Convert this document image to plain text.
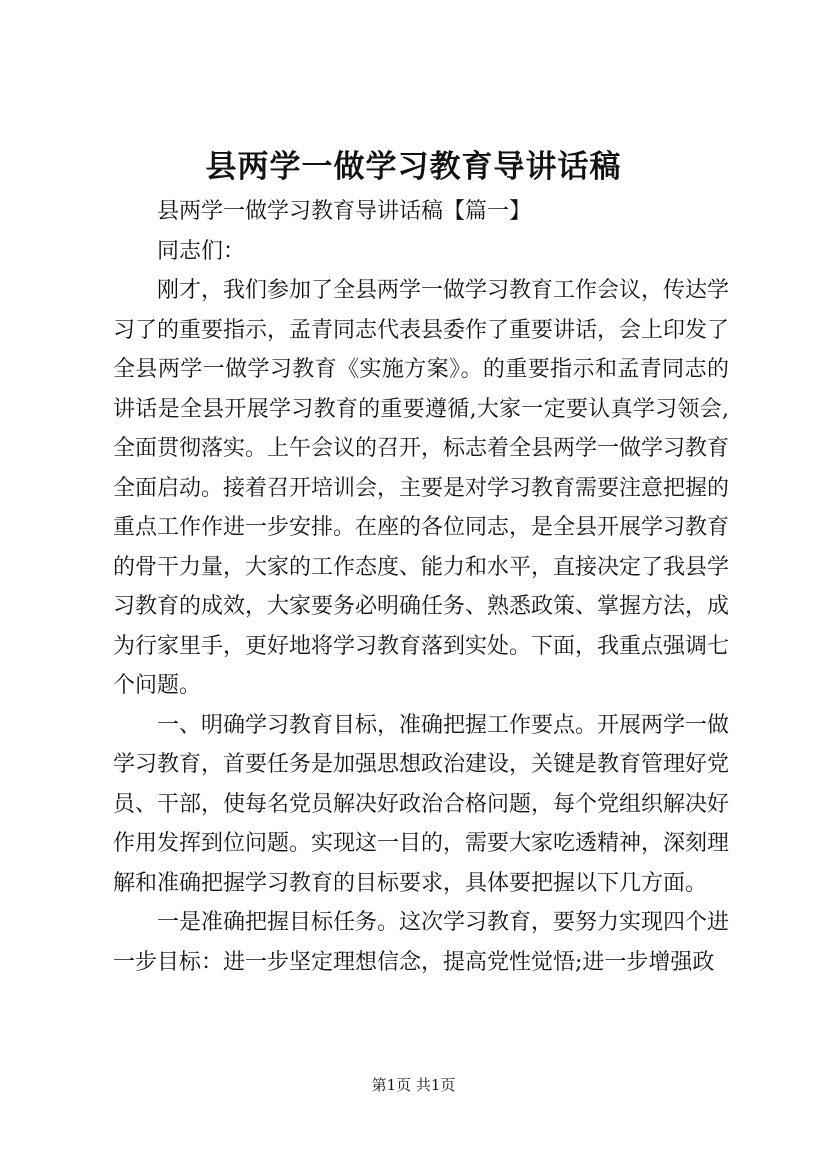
县两学一做学习教育导讲话稿

县两学一做学习教育导讲话稿【篇一】

同志们：

刚才，我们参加了全县两学一做学习教育工作会议，传达学习了的重要指示，孟青同志代表县委作了重要讲话，会上印发了全县两学一做学习教育《实施方案》。的重要指示和孟青同志的讲话是全县开展学习教育的重要遵循,大家一定要认真学习领会,全面贯彻落实。上午会议的召开，标志着全县两学一做学习教育全面启动。接着召开培训会，主要是对学习教育需要注意把握的重点工作作进一步安排。在座的各位同志，是全县开展学习教育的骨干力量，大家的工作态度、能力和水平，直接决定了我县学习教育的成效，大家要务必明确任务、熟悉政策、掌握方法，成为行家里手，更好地将学习教育落到实处。下面，我重点强调七个问题。

一、明确学习教育目标，准确把握工作要点。开展两学一做学习教育，首要任务是加强思想政治建设，关键是教育管理好党员、干部，使每名党员解决好政治合格问题，每个党组织解决好作用发挥到位问题。实现这一目的，需要大家吃透精神，深刻理解和准确把握学习教育的目标要求，具体要把握以下几方面。

一是准确把握目标任务。这次学习教育，要努力实现四个进一步目标：进一步坚定理想信念，提高党性觉悟;进一步增强政

第1页 共1页
